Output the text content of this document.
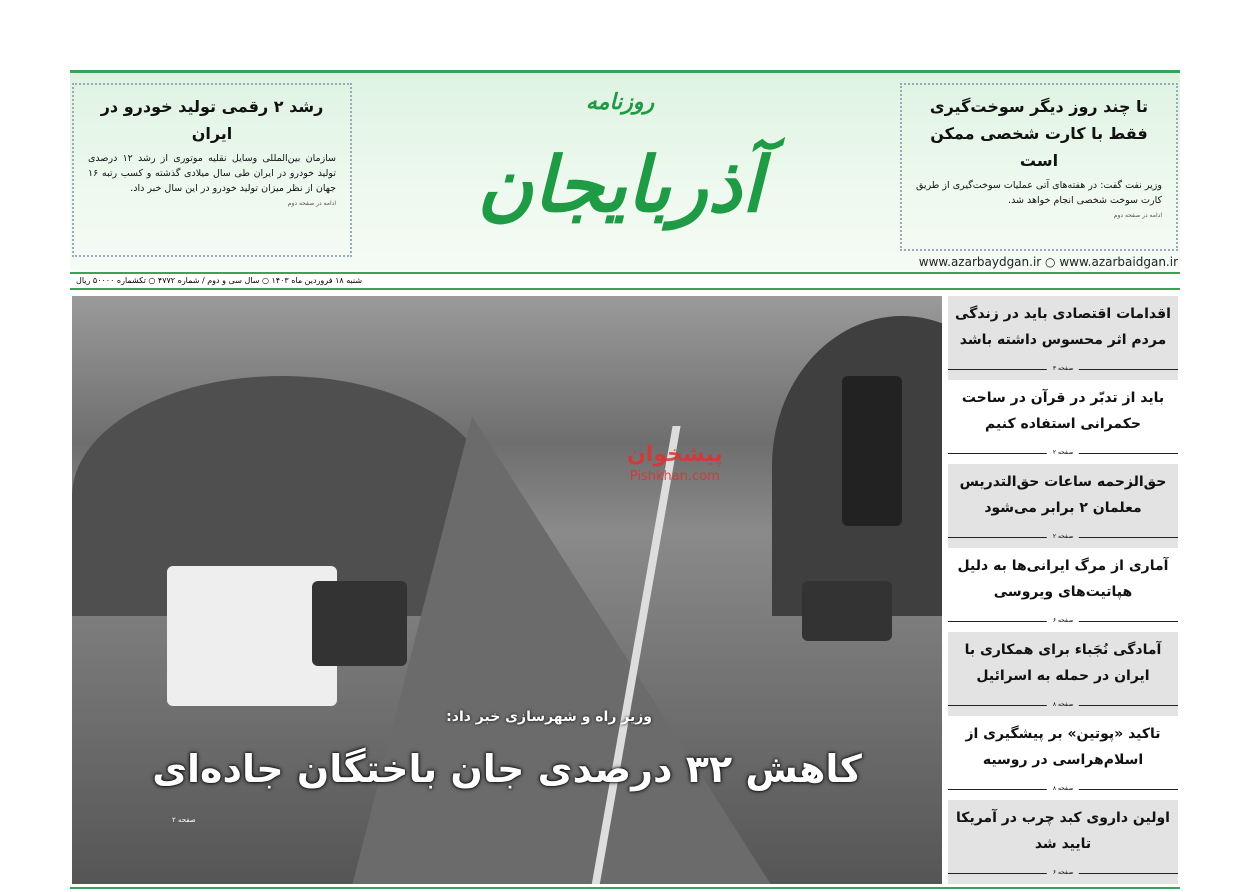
رشد ۲ رقمی تولید خودرو در ایران

سازمان بین‌المللی وسایل نقلیه موتوری از رشد ۱۲ درصدی تولید خودرو در ایران طی سال میلادی گذشته و کسب رتبه ۱۶ جهان از نظر میزان تولید خودرو در این سال خبر داد.

ادامه در صفحه دوم
روزنامه
آذربایجان
تا چند روز دیگر سوخت‌گیری فقط با کارت شخصی ممکن است

وزیر نفت گفت: در هفته‌های آتی عملیات سوخت‌گیری از طریق کارت سوخت شخصی انجام خواهد شد.

ادامه در صفحه دوم
www.azarbaydgan.ir ○ www.azarbaidgan.ir
شنبه ۱۸ فروردین ماه ۱۴۰۳ ○ سال سی و دوم / شماره ۴۷۷۲ ○ تکشماره ۵۰۰۰۰ ریال
پیشخوان
Pishkhan.com
وزیر راه و شهرسازی خبر داد:
کاهش ۳۲ درصدی جان باختگان جاده‌ای
صفحه ۲
اقدامات اقتصادی باید در زندگی مردم اثر محسوس داشته باشد
صفحه ۳
باید از تدبّر در قرآن در ساحت حکمرانی استفاده کنیم
صفحه ۲
حق‌الزحمه ساعات حق‌التدریس معلمان ۲ برابر می‌شود
صفحه ۲
آماری از مرگ ایرانی‌ها به دلیل هپاتیت‌های ویروسی
صفحه ۶
آمادگی نُجَباء برای همکاری با ایران در حمله به اسرائیل
صفحه ۸
تاکید «پوتین» بر پیشگیری از اسلام‌هراسی در روسیه
صفحه ۸
اولین داروی کبد چرب در آمریکا تایید شد
صفحه ۶
